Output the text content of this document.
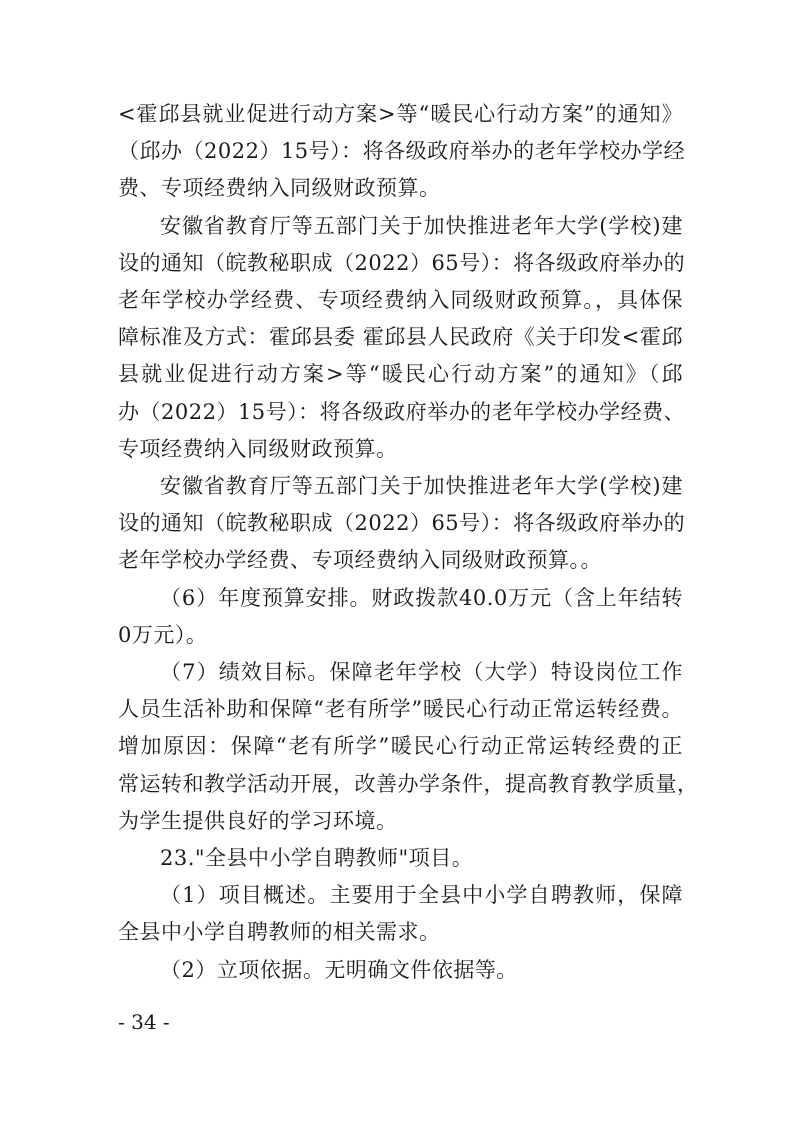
<霍邱县就业促进行动方案>等“暖民心行动方案”的通知》
（邱办（2022）15号）：将各级政府举办的老年学校办学经
费、专项经费纳入同级财政预算。
安徽省教育厅等五部门关于加快推进老年大学(学校)建
设的通知（皖教秘职成（2022）65号）：将各级政府举办的
老年学校办学经费、专项经费纳入同级财政预算。，具体保
障标准及方式：霍邱县委 霍邱县人民政府《关于印发<霍邱
县就业促进行动方案>等“暖民心行动方案”的通知》（邱
办（2022）15号）：将各级政府举办的老年学校办学经费、
专项经费纳入同级财政预算。
安徽省教育厅等五部门关于加快推进老年大学(学校)建
设的通知（皖教秘职成（2022）65号）：将各级政府举办的
老年学校办学经费、专项经费纳入同级财政预算。。
（6）年度预算安排。财政拨款40.0万元（含上年结转
0万元）。
（7）绩效目标。保障老年学校（大学）特设岗位工作
人员生活补助和保障“老有所学”暖民心行动正常运转经费。
增加原因：保障“老有所学”暖民心行动正常运转经费的正
常运转和教学活动开展，改善办学条件，提高教育教学质量，
为学生提供良好的学习环境。
23."全县中小学自聘教师"项目。
（1）项目概述。主要用于全县中小学自聘教师，保障
全县中小学自聘教师的相关需求。
（2）立项依据。无明确文件依据等。
- 34 -
